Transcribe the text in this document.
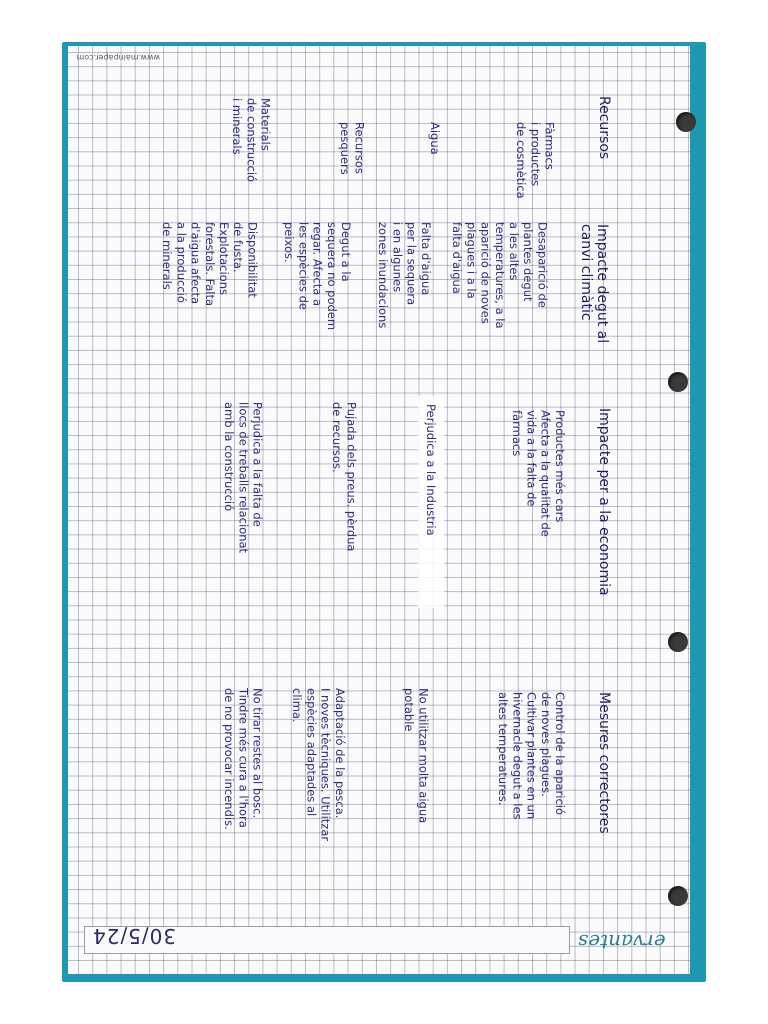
www.mainpaper.com
ervantes
30/5/24
Recursos
Impacte degut al
canvi climàtic
Impacte per a la economia
Mesures correctores
Fàrmacs
i productes
de cosmètica
Desaparició de
plantes degut
a les altes
temperatures, a la
aparició de noves
plagues i a la
falta d'aigua
Productes més cars
Afecta a la qualitat de
vida a la falta de
fàrmacs
Control de la aparició
de noves plagues.
Cultivar plantes en un
hivernacle degut a les
altes temperatures.
Aigua
Falta d'aigua
per la sequera
i en algunes
zones inundacions
Perjudica a la Industria
No utilitzar molta aigua
potable
Recursos
pesquers
Degut a la
sequera no podem
regar. Afecta a
les espècies de
peixos.
Pujada dels preus. pèrdua
de recursos.
Adaptació de la pesca.
I noves tècniques. Utilitzar
espècies adaptades al
clima.
Materials
de construcció
i minerals
Disponibilitat
de fusta.
Explotacions
forestals. Falta
d'aigua afecta
a la producció
de minerals
Perjudica a la falta de
llocs de treballs relacionat
amb la construcció
No tirar restes al bosc.
Tindre més cura a l'hora
de no provocar incendis.
